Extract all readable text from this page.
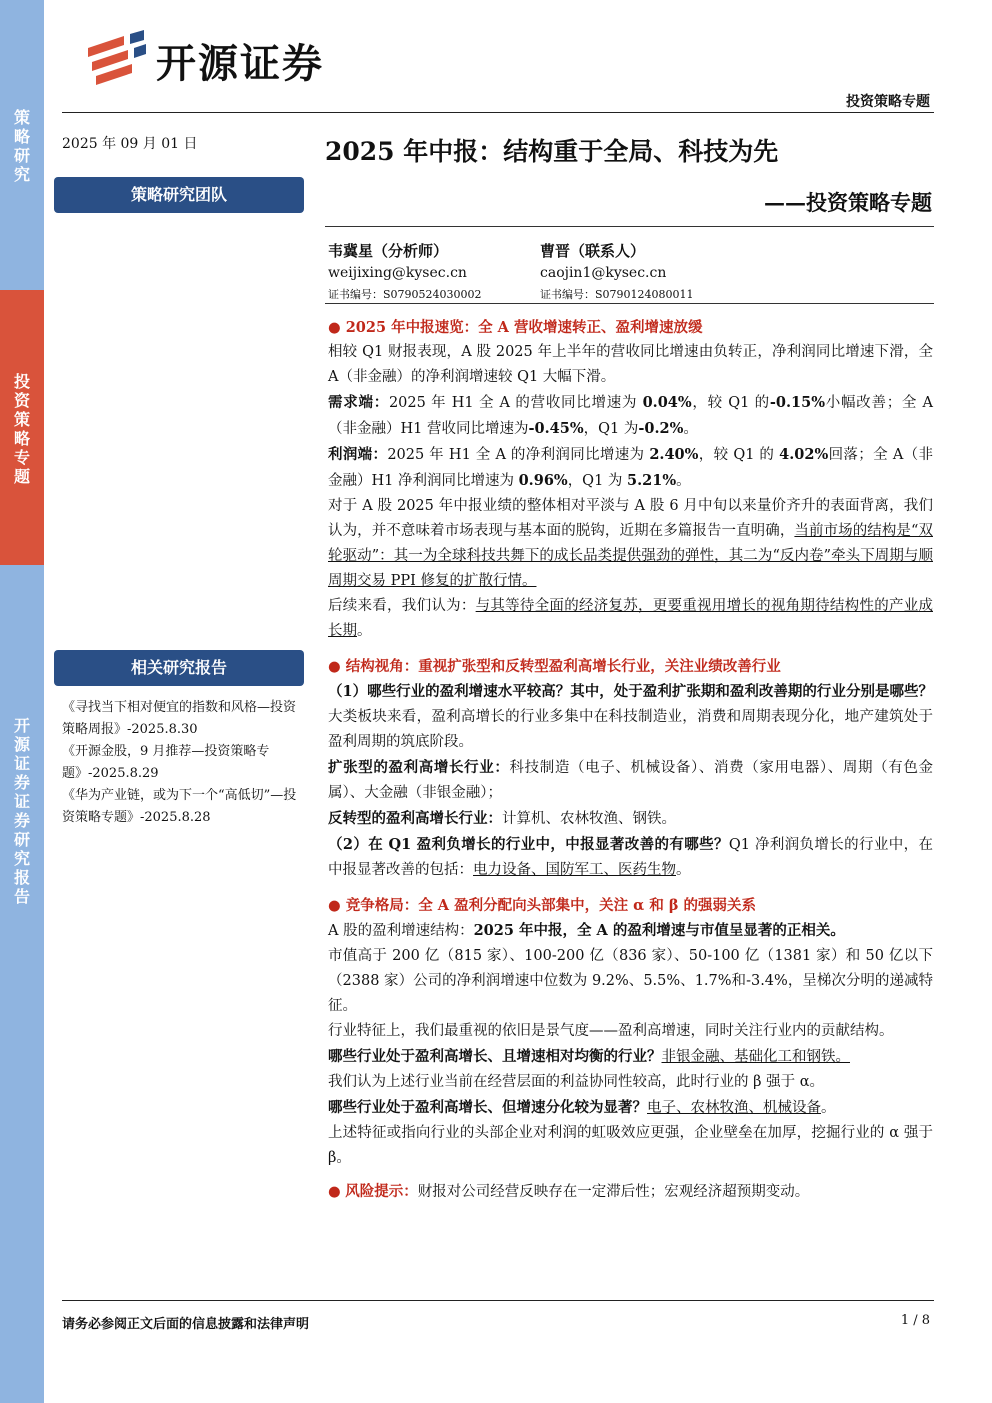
策略研究
投资策略专题
开源证券 证券研究报告
开源证券
投资策略专题
2025 年 09 月 01 日	2025 年中报：结构重于全局、科技为先
——投资策略专题
策略研究团队
韦冀星（分析师）
weijixing@kysec.cn
证书编号：S0790524030002
曹晋（联系人）
caojin1@kysec.cn
证书编号：S0790124080011
相关研究报告

《寻找当下相对便宜的指数和风格—投资策略周报》-2025.8.30

《开源金股，9 月推荐—投资策略专题》-2025.8.29

《华为产业链，或为下一个“高低切”—投资策略专题》-2025.8.28

● 2025 年中报速览：全 A 营收增速转正、盈利增速放缓

相较 Q1 财报表现，A 股 2025 年上半年的营收同比增速由负转正，净利润同比增速下滑，全 A（非金融）的净利润增速较 Q1 大幅下滑。

需求端：2025 年 H1 全 A 的营收同比增速为 0.04%，较 Q1 的-0.15%小幅改善；全 A（非金融）H1 营收同比增速为-0.45%，Q1 为-0.2%。

利润端：2025 年 H1 全 A 的净利润同比增速为 2.40%，较 Q1 的 4.02%回落；全 A（非金融）H1 净利润同比增速为 0.96%，Q1 为 5.21%。

对于 A 股 2025 年中报业绩的整体相对平淡与 A 股 6 月中旬以来量价齐升的表面背离，我们认为，并不意味着市场表现与基本面的脱钩，近期在多篇报告一直明确，当前市场的结构是“双轮驱动”：其一为全球科技共舞下的成长品类提供强劲的弹性，其二为“反内卷”牵头下周期与顺周期交易 PPI 修复的扩散行情。

后续来看，我们认为：与其等待全面的经济复苏，更要重视用增长的视角期待结构性的产业成长期。

● 结构视角：重视扩张型和反转型盈利高增长行业，关注业绩改善行业

（1）哪些行业的盈利增速水平较高？其中，处于盈利扩张期和盈利改善期的行业分别是哪些？大类板块来看，盈利高增长的行业多集中在科技制造业，消费和周期表现分化，地产建筑处于盈利周期的筑底阶段。

扩张型的盈利高增长行业：科技制造（电子、机械设备）、消费（家用电器）、周期（有色金属）、大金融（非银金融）；

反转型的盈利高增长行业：计算机、农林牧渔、钢铁。

（2）在 Q1 盈利负增长的行业中，中报显著改善的有哪些？Q1 净利润负增长的行业中，在中报显著改善的包括：电力设备、国防军工、医药生物。

● 竞争格局：全 A 盈利分配向头部集中，关注 α 和 β 的强弱关系

A 股的盈利增速结构：2025 年中报，全 A 的盈利增速与市值呈显著的正相关。

市值高于 200 亿（815 家）、100-200 亿（836 家）、50-100 亿（1381 家）和 50 亿以下（2388 家）公司的净利润增速中位数为 9.2%、5.5%、1.7%和-3.4%，呈梯次分明的递减特征。

行业特征上，我们最重视的依旧是景气度——盈利高增速，同时关注行业内的贡献结构。

哪些行业处于盈利高增长、且增速相对均衡的行业？非银金融、基础化工和钢铁。

我们认为上述行业当前在经营层面的利益协同性较高，此时行业的 β 强于 α。

哪些行业处于盈利高增长、但增速分化较为显著？电子、农林牧渔、机械设备。

上述特征或指向行业的头部企业对利润的虹吸效应更强，企业壁垒在加厚，挖掘行业的 α 强于 β。

● 风险提示：财报对公司经营反映存在一定滞后性；宏观经济超预期变动。

请务必参阅正文后面的信息披露和法律声明	1 / 8
